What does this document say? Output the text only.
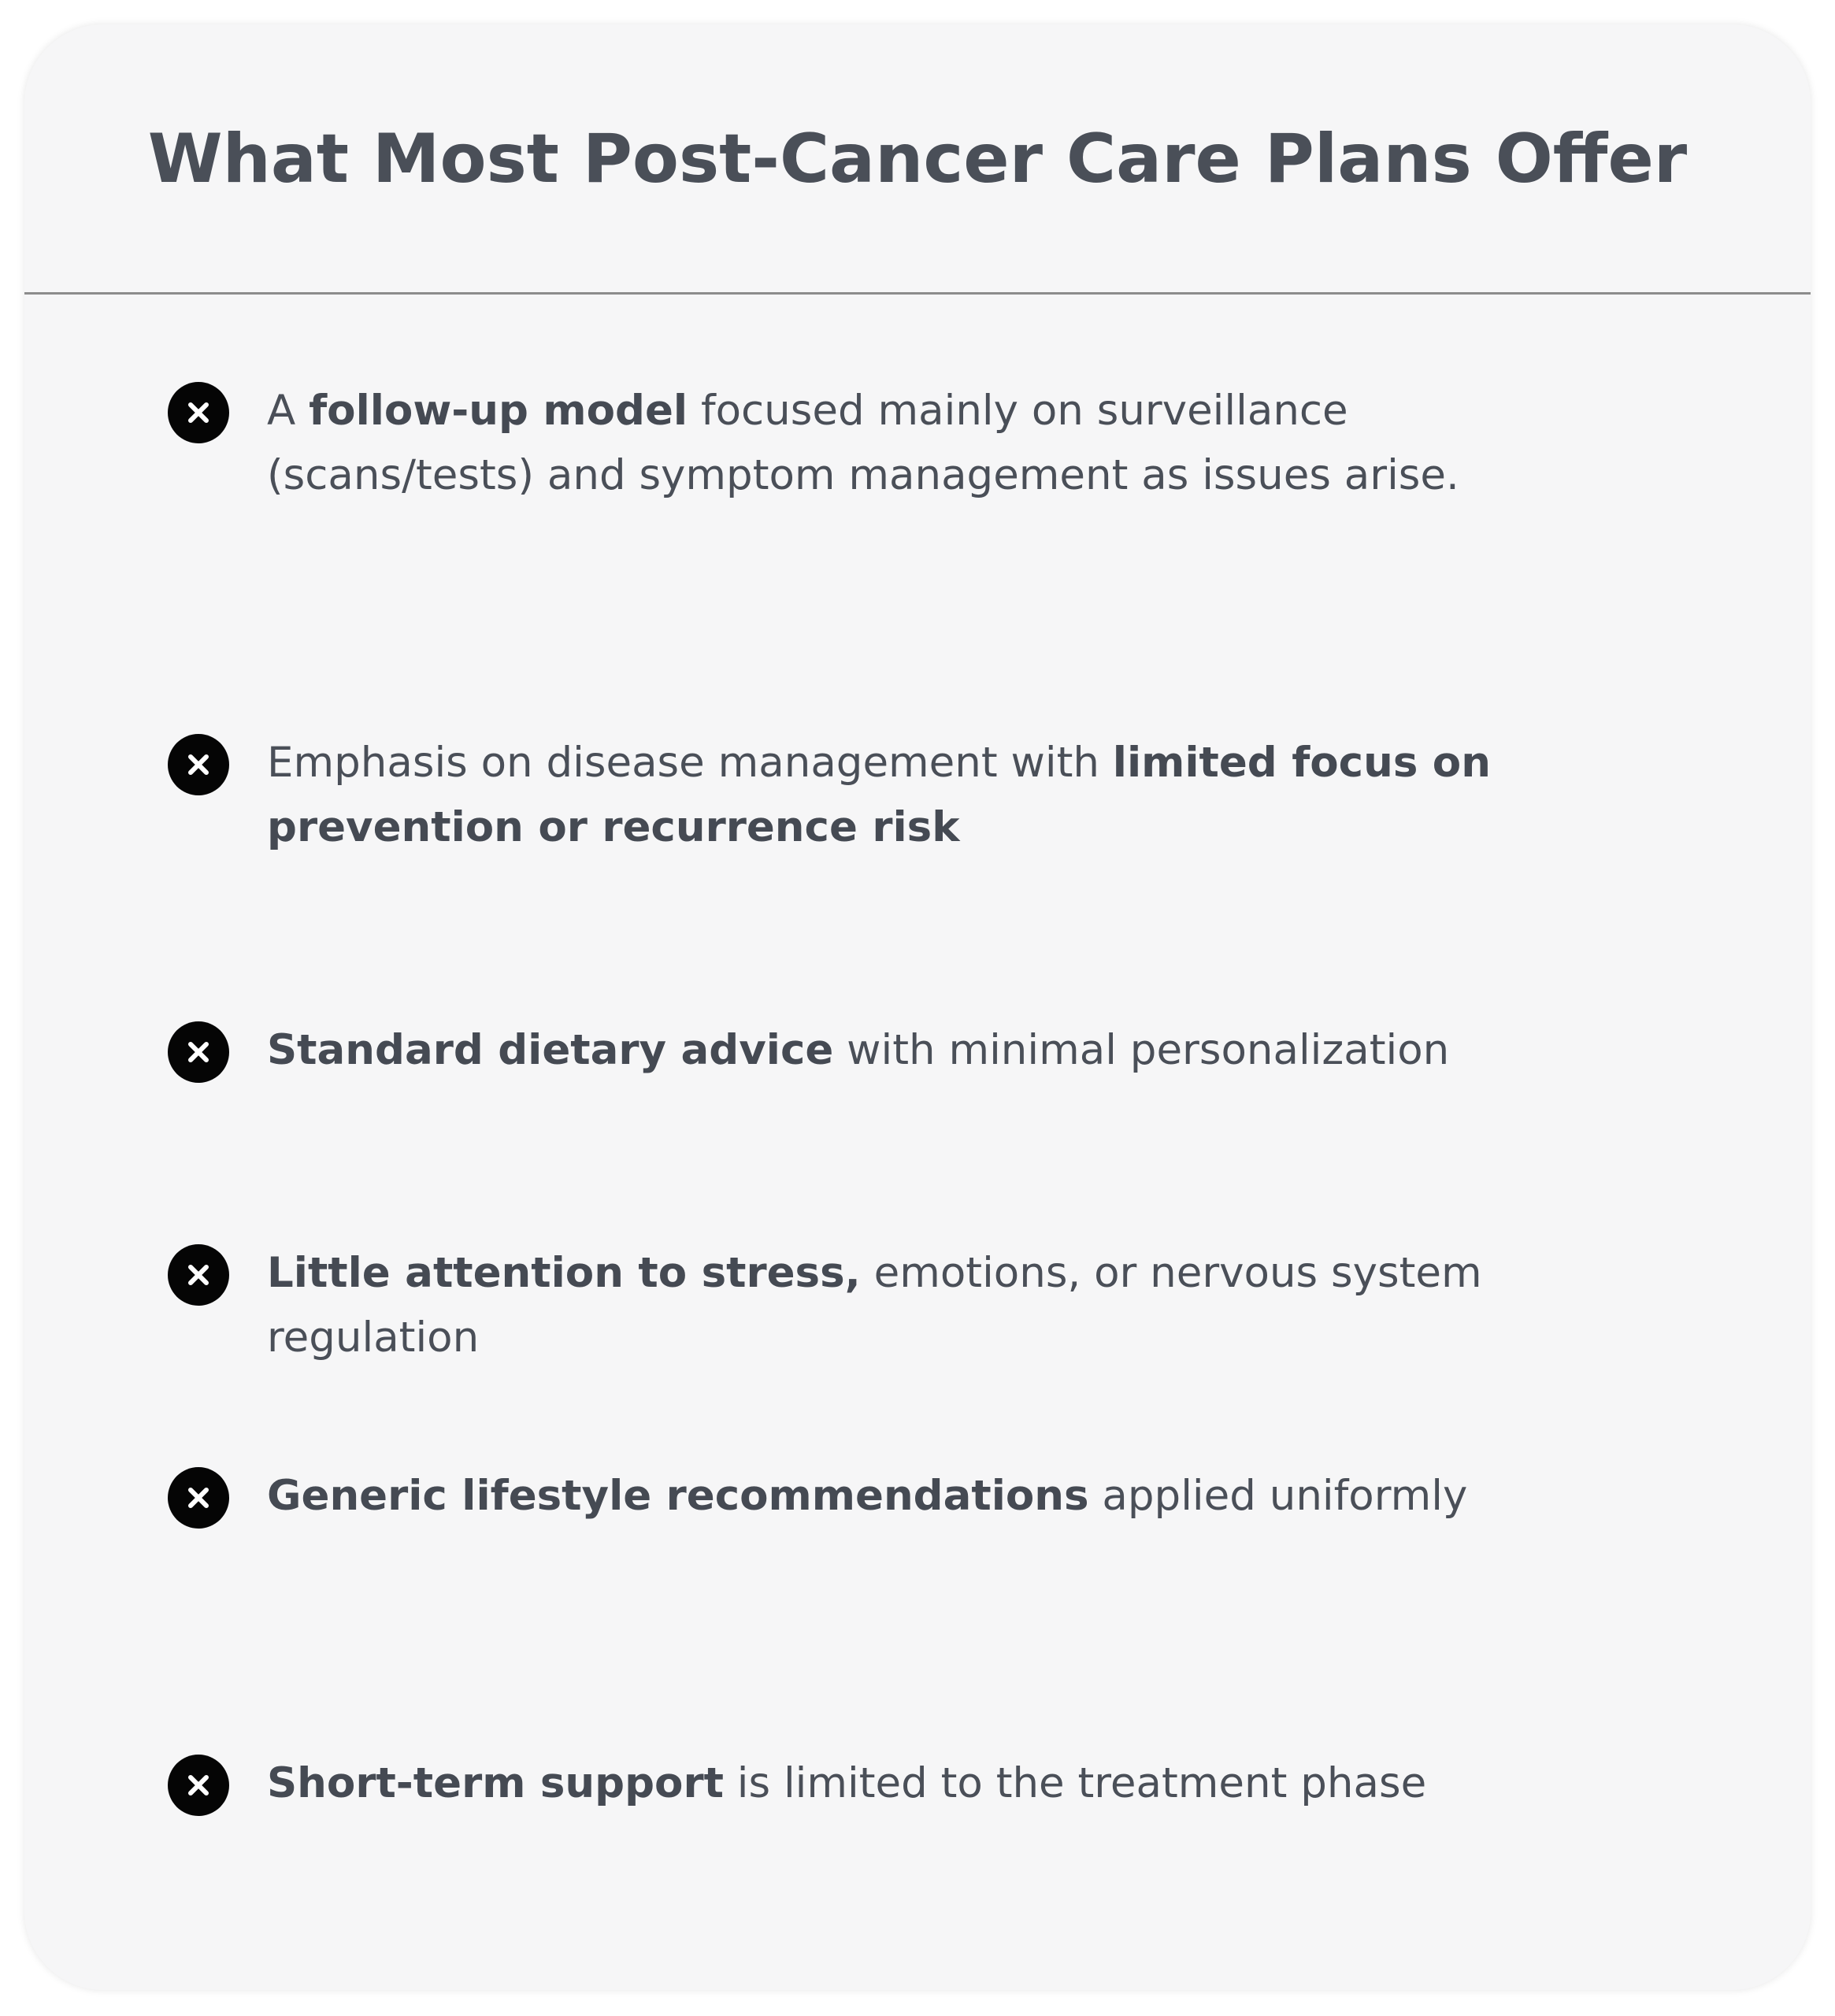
What Most Post-Cancer Care Plans Offer
A follow-up model focused mainly on surveillance (scans/tests) and symptom management as issues arise.
Emphasis on disease management with limited focus on prevention or recurrence risk
Standard dietary advice with minimal personalization
Little attention to stress, emotions, or nervous system regulation
Generic lifestyle recommendations applied uniformly
Short-term support is limited to the treatment phase
